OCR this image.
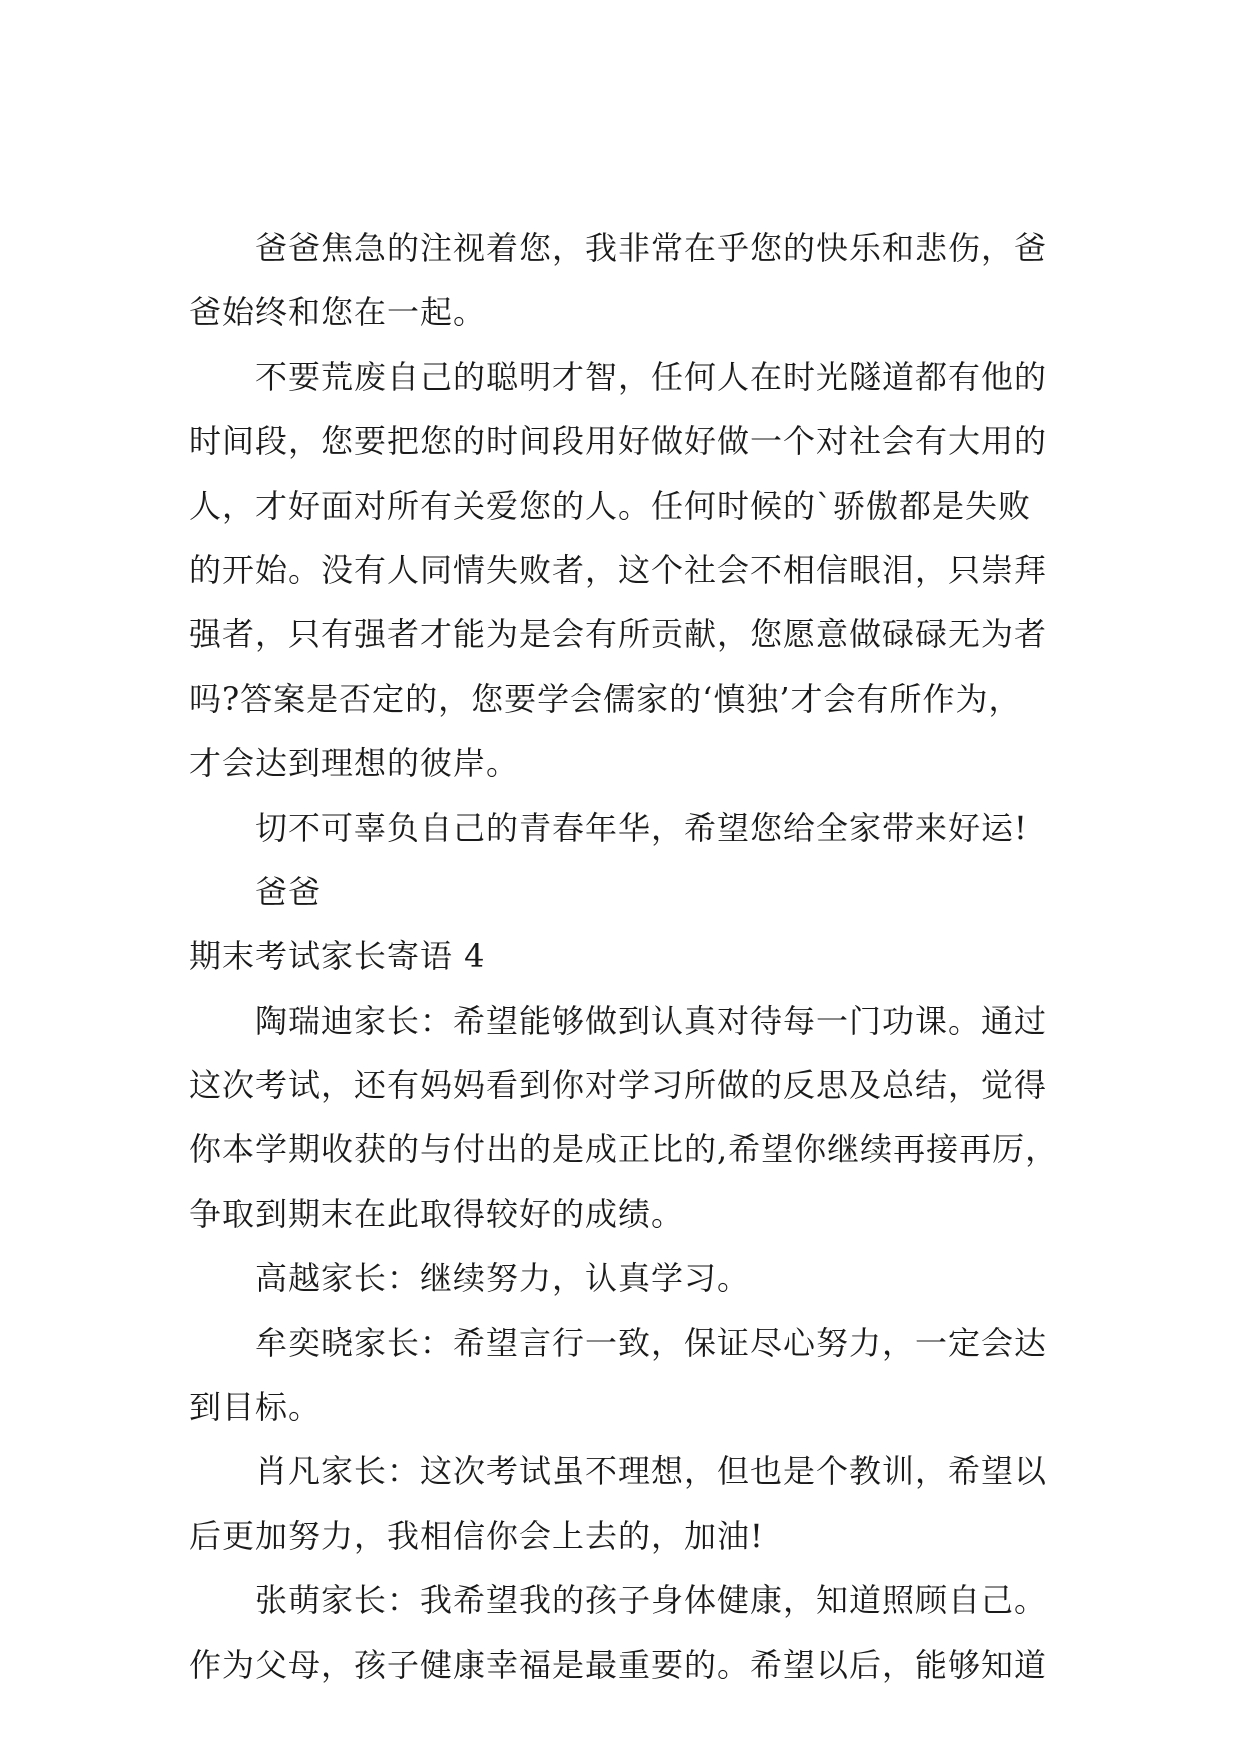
爸爸焦急的注视着您，我非常在乎您的快乐和悲伤，爸
爸始终和您在一起。
不要荒废自己的聪明才智，任何人在时光隧道都有他的
时间段，您要把您的时间段用好做好做一个对社会有大用的
人，才好面对所有关爱您的人。任何时候的`骄傲都是失败
的开始。没有人同情失败者，这个社会不相信眼泪，只崇拜
强者，只有强者才能为是会有所贡献，您愿意做碌碌无为者
吗?答案是否定的，您要学会儒家的‘慎独’才会有所作为，
才会达到理想的彼岸。
切不可辜负自己的青春年华，希望您给全家带来好运!
爸爸
期末考试家长寄语 4
陶瑞迪家长：希望能够做到认真对待每一门功课。通过
这次考试，还有妈妈看到你对学习所做的反思及总结，觉得
你本学期收获的与付出的是成正比的,希望你继续再接再厉，
争取到期末在此取得较好的成绩。
高越家长：继续努力，认真学习。
牟奕晓家长：希望言行一致，保证尽心努力，一定会达
到目标。
肖凡家长：这次考试虽不理想，但也是个教训，希望以
后更加努力，我相信你会上去的，加油!
张萌家长：我希望我的孩子身体健康，知道照顾自己。
作为父母，孩子健康幸福是最重要的。希望以后，能够知道
